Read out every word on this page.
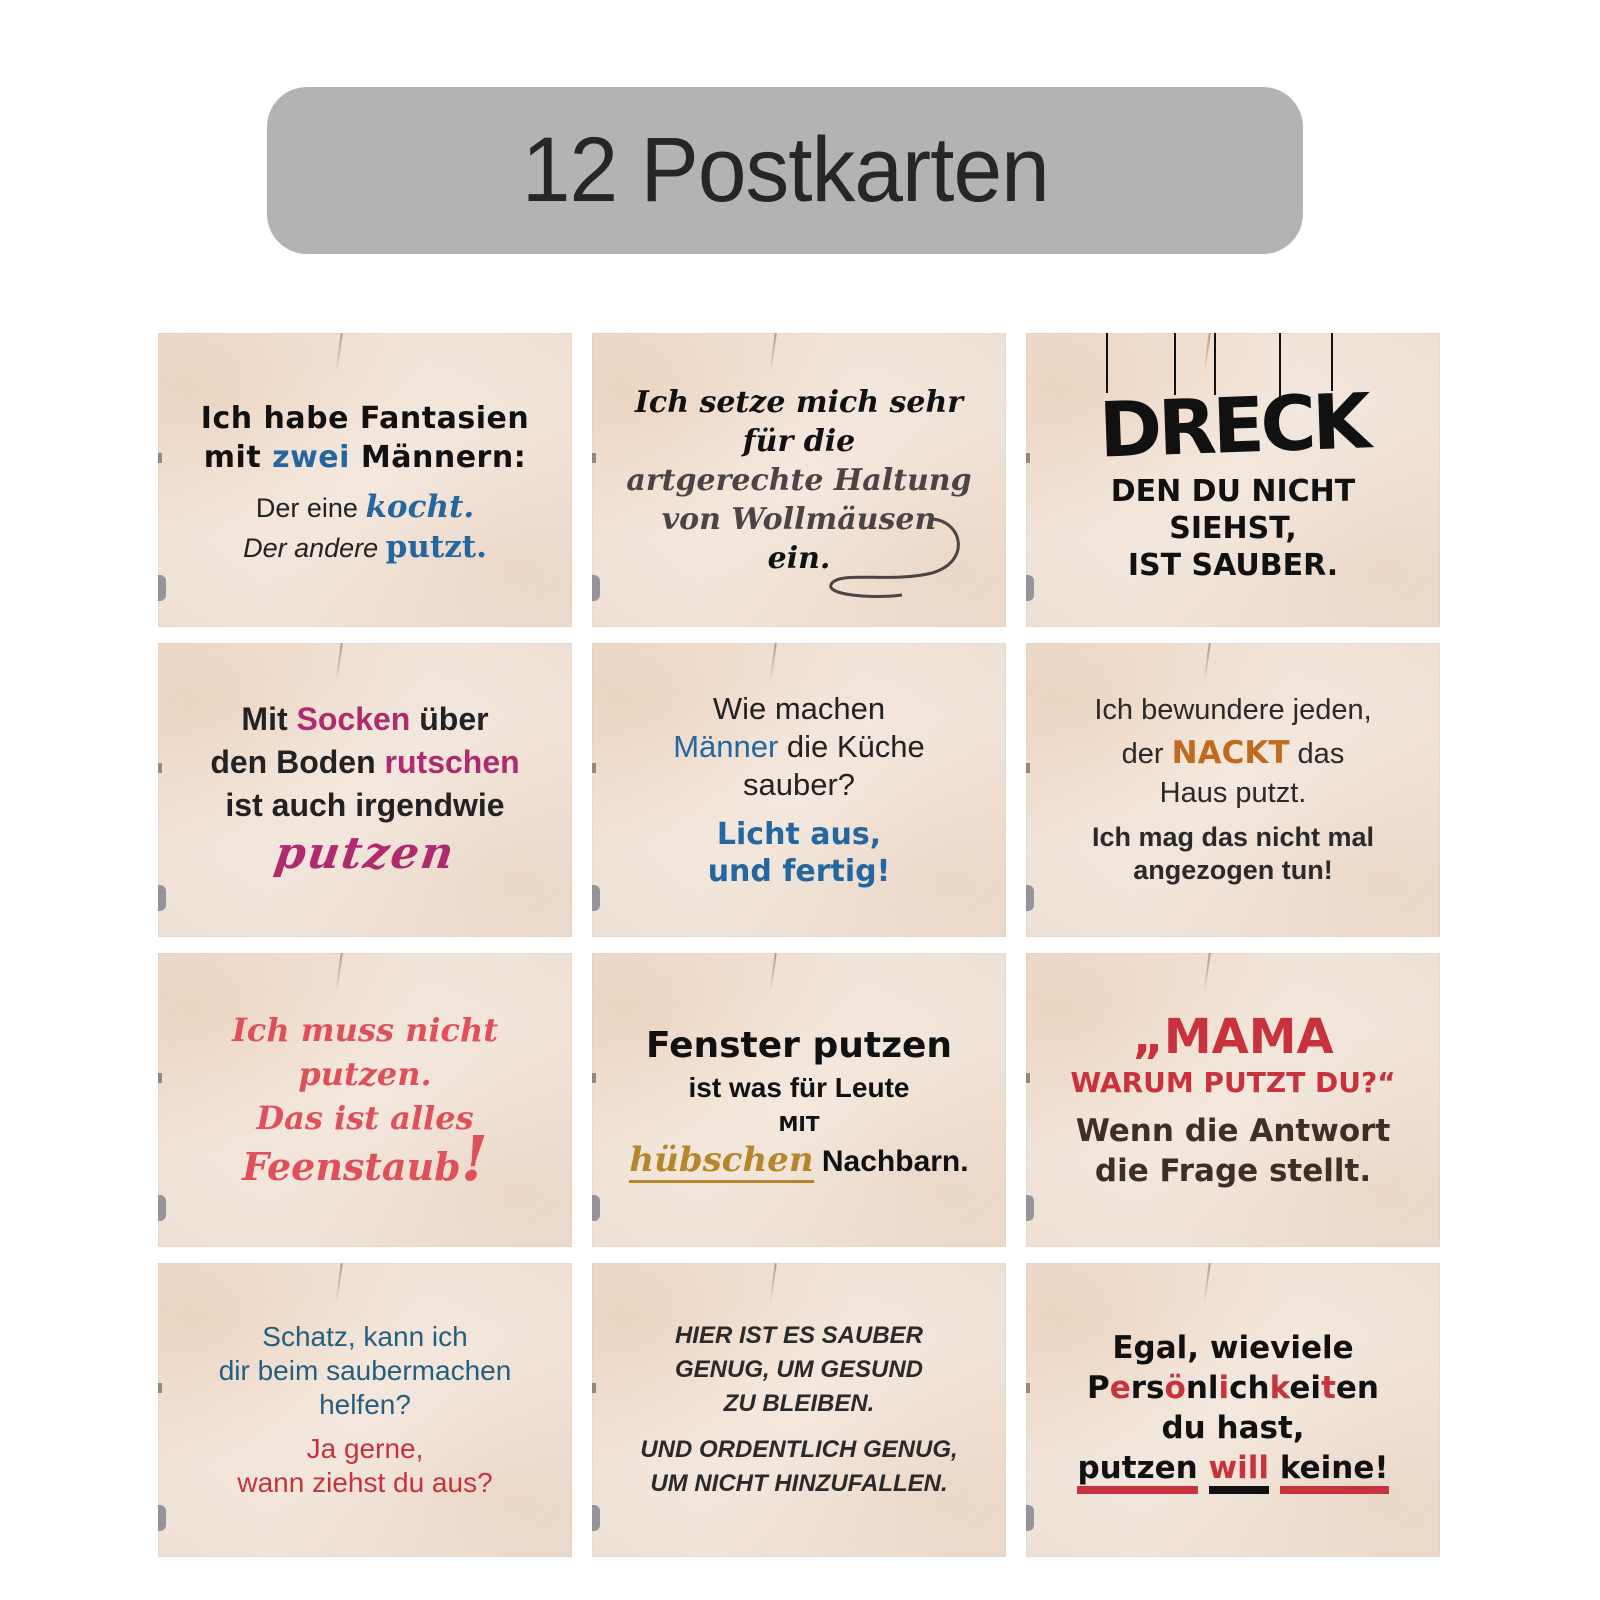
12 Postkarten
Ich habe Fantasien
mit zwei Männern:
Der eine kocht.
Der andere putzt.
Ich setze mich sehr
für die
artgerechte Haltung
von Wollmäusen
ein.
DRECK
DEN DU NICHT
SIEHST,
IST SAUBER.
Mit Socken über
den Boden rutschen
ist auch irgendwie
putzen
Wie machen
Männer die Küche
sauber?
Licht aus,
und fertig!
Ich bewundere jeden,
der NACKT das
Haus putzt.
Ich mag das nicht mal
angezogen tun!
Ich muss nicht
putzen.
Das ist alles
Feenstaub!
Fenster putzen
ist was für Leute
MIT
hübschen Nachbarn.
„MAMA
WARUM PUTZT DU?“
Wenn die Antwort
die Frage stellt.
Schatz, kann ich
dir beim saubermachen
helfen?
Ja gerne,
wann ziehst du aus?
HIER IST ES SAUBER
GENUG, UM GESUND
ZU BLEIBEN.
UND ORDENTLICH GENUG,
UM NICHT HINZUFALLEN.
Egal, wieviele
Persönlichkeiten
du hast,
putzen will keine!
